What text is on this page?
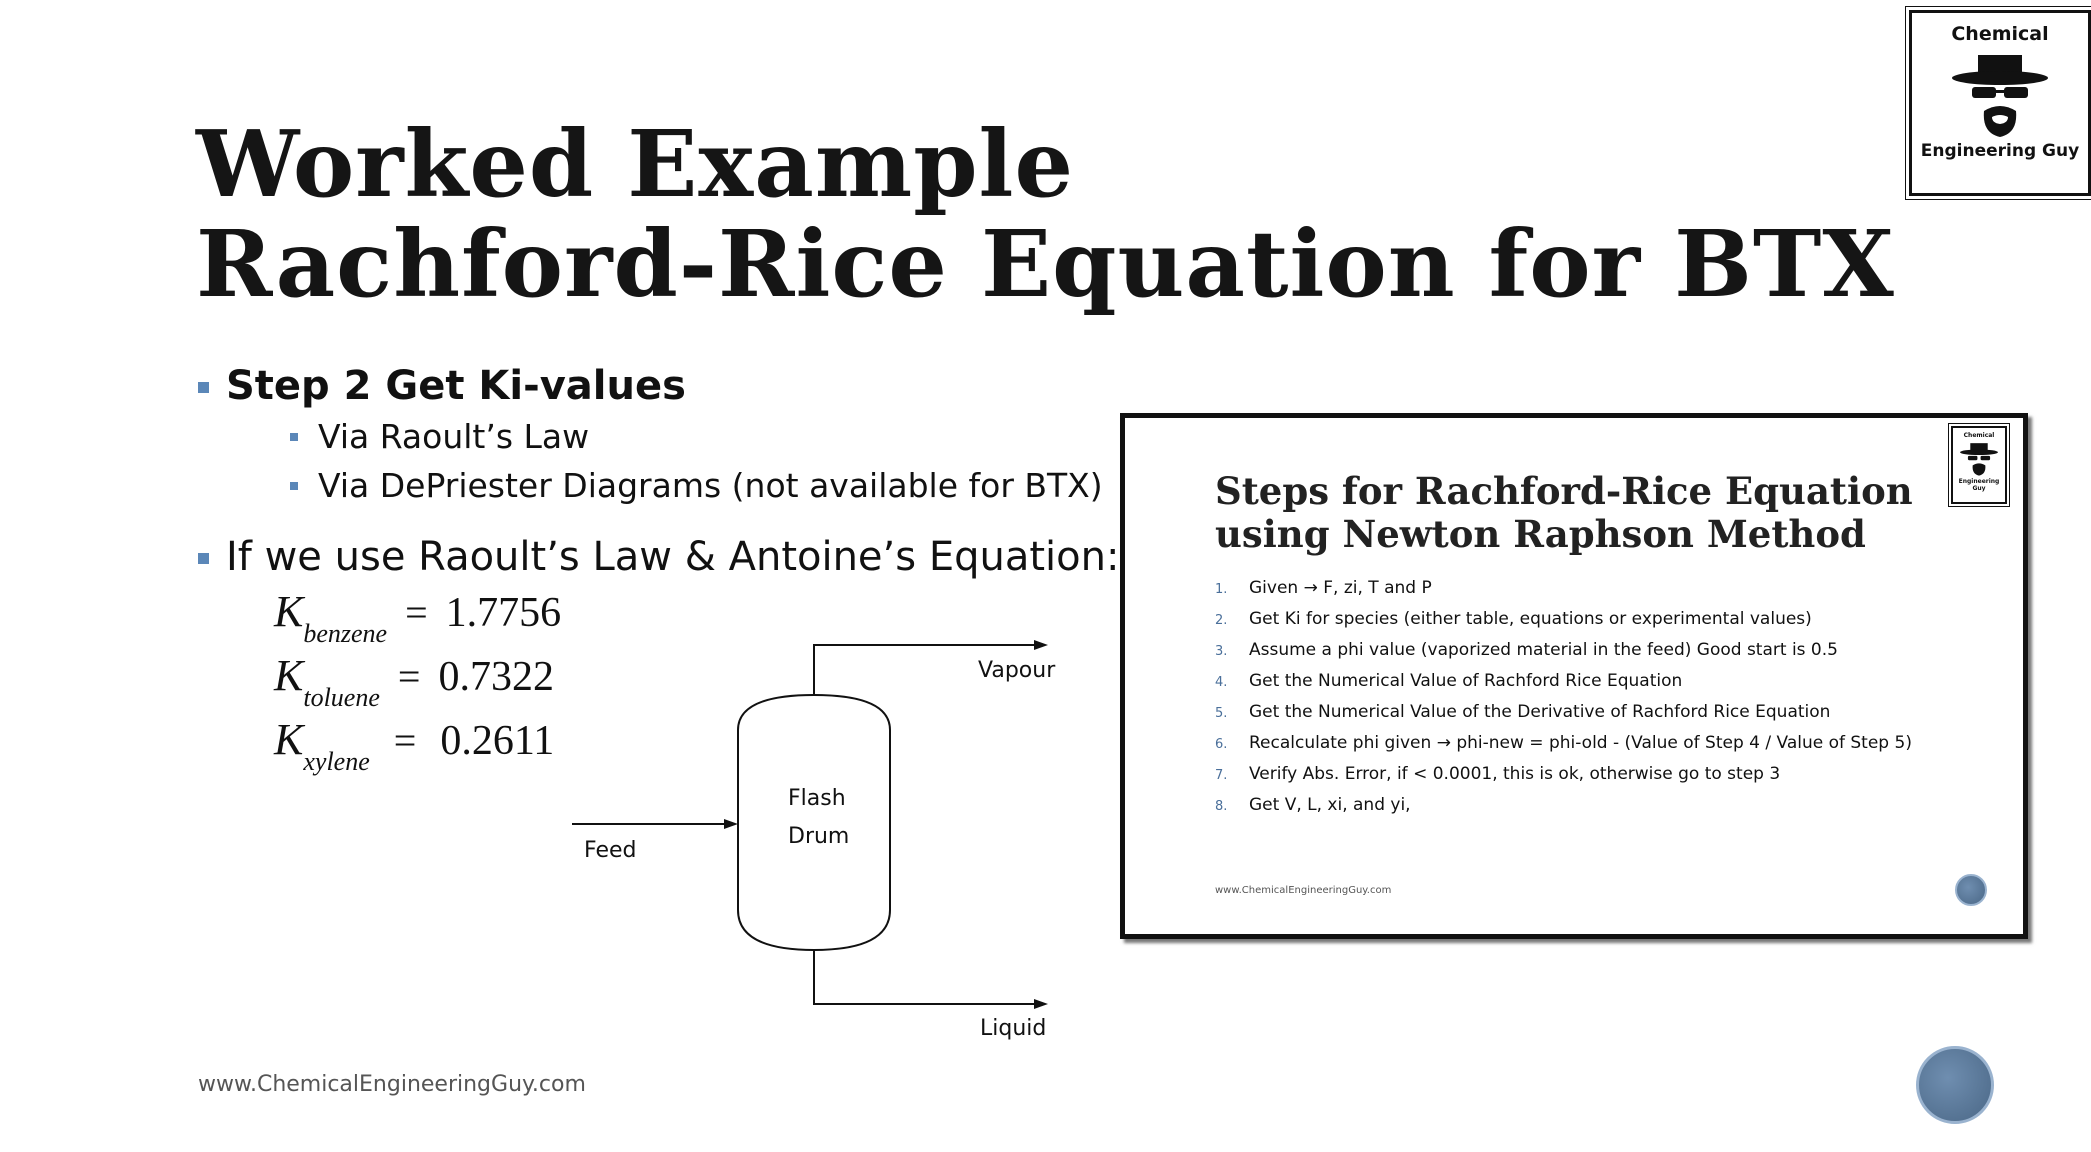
Worked Example
Rachford-Rice Equation for BTX
Chemical
Engineering Guy
Step 2 Get Ki-values
Via Raoult’s Law
Via DePriester Diagrams (not available for BTX)
If we use Raoult’s Law & Antoine’s Equation:
Kbenzene = 1.7756
Ktoluene = 0.7322
Kxylene = 0.2611
Vapour
Liquid
Feed
Flash
Drum
www.ChemicalEngineeringGuy.com
Steps for Rachford-Rice Equation
using Newton Raphson Method
Chemical
Engineering Guy
1. Given → F, zi, T and P
2. Get Ki for species (either table, equations or experimental values)
3. Assume a phi value (vaporized material in the feed) Good start is 0.5
4. Get the Numerical Value of Rachford Rice Equation
5. Get the Numerical Value of the Derivative of Rachford Rice Equation
6. Recalculate phi given → phi-new = phi-old - (Value of Step 4 / Value of Step 5)
7. Verify Abs. Error, if < 0.0001, this is ok, otherwise go to step 3
8. Get V, L, xi, and yi,
www.ChemicalEngineeringGuy.com
